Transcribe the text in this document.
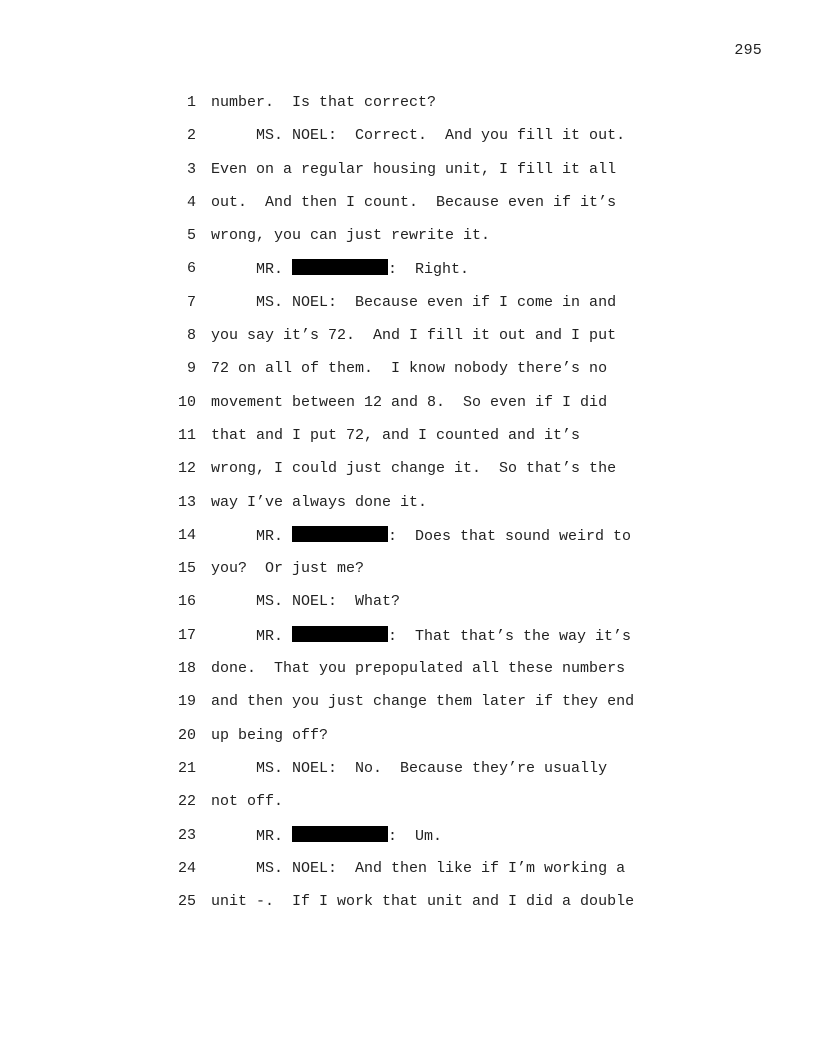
295
1 number.  Is that correct?
2 MS. NOEL:  Correct.  And you fill it out.
3 Even on a regular housing unit, I fill it all
4 out.  And then I count.  Because even if it’s
5 wrong, you can just rewrite it.
6 MR.	:  Right.
7 MS. NOEL:  Because even if I come in and
8 you say it’s 72.  And I fill it out and I put
9 72 on all of them.  I know nobody there’s no
10 movement between 12 and 8.  So even if I did
11 that and I put 72, and I counted and it’s
12 wrong, I could just change it.  So that’s the
13 way I’ve always done it.
14 MR.	:  Does that sound weird to
15 you?  Or just me?
16 MS. NOEL:  What?
17 MR.	:  That that’s the way it’s
18 done.  That you prepopulated all these numbers
19 and then you just change them later if they end
20 up being off?
21 MS. NOEL:  No.  Because they’re usually
22 not off.
23 MR.	:  Um.
24 MS. NOEL:  And then like if I’m working a
25 unit -.  If I work that unit and I did a double
